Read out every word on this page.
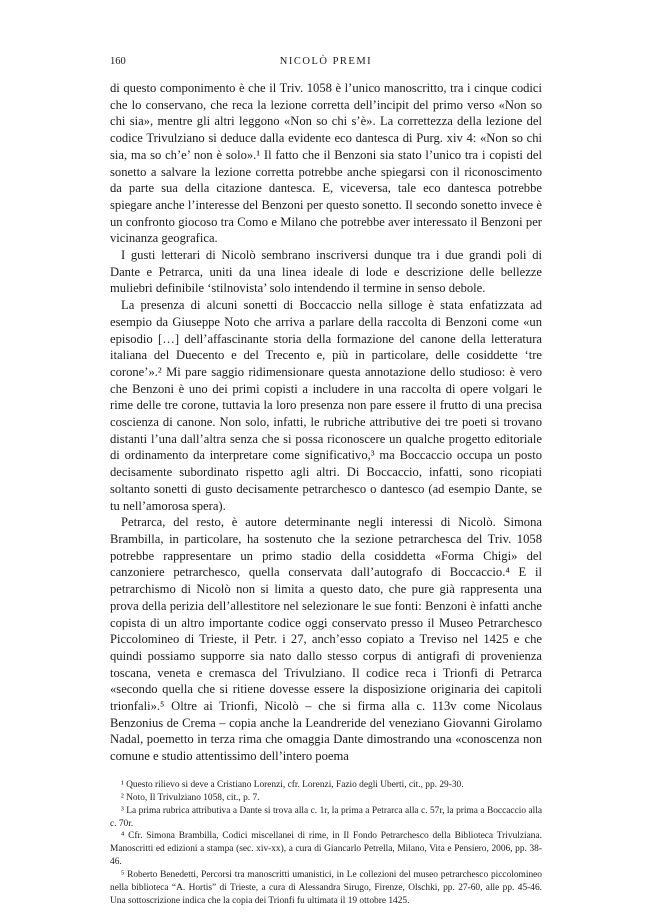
160	NICOLÒ PREMI

di questo componimento è che il Triv. 1058 è l’unico manoscritto, tra i cinque codici che lo conservano, che reca la lezione corretta dell’incipit del primo verso «Non so chi sia», mentre gli altri leggono «Non so chi s’è». La correttezza della lezione del codice Trivulziano si deduce dalla evidente eco dantesca di Purg. xiv 4: «Non so chi sia, ma so ch’e’ non è solo».¹ Il fatto che il Benzoni sia stato l’unico tra i copisti del sonetto a salvare la lezione corretta potrebbe anche spiegarsi con il riconoscimento da parte sua della citazione dantesca. E, viceversa, tale eco dantesca potrebbe spiegare anche l’interesse del Benzoni per questo sonetto. Il secondo sonetto invece è un confronto giocoso tra Como e Milano che potrebbe aver interessato il Benzoni per vicinanza geografica.

I gusti letterari di Nicolò sembrano inscriversi dunque tra i due grandi poli di Dante e Petrarca, uniti da una linea ideale di lode e descrizione delle bellezze muliebri definibile ‘stilnovista’ solo intendendo il termine in senso debole.

La presenza di alcuni sonetti di Boccaccio nella silloge è stata enfatizzata ad esempio da Giuseppe Noto che arriva a parlare della raccolta di Benzoni come «un episodio […] dell’affascinante storia della formazione del canone della letteratura italiana del Duecento e del Trecento e, più in particolare, delle cosiddette ‘tre corone’».² Mi pare saggio ridimensionare questa annotazione dello studioso: è vero che Benzoni è uno dei primi copisti a includere in una raccolta di opere volgari le rime delle tre corone, tuttavia la loro presenza non pare essere il frutto di una precisa coscienza di canone. Non solo, infatti, le rubriche attributive dei tre poeti si trovano distanti l’una dall’altra senza che si possa riconoscere un qualche progetto editoriale di ordinamento da interpretare come significativo,³ ma Boccaccio occupa un posto decisamente subordinato rispetto agli altri. Di Boccaccio, infatti, sono ricopiati soltanto sonetti di gusto decisamente petrarchesco o dantesco (ad esempio Dante, se tu nell’amorosa spera).

Petrarca, del resto, è autore determinante negli interessi di Nicolò. Simona Brambilla, in particolare, ha sostenuto che la sezione petrarchesca del Triv. 1058 potrebbe rappresentare un primo stadio della cosiddetta «Forma Chigi» del canzoniere petrarchesco, quella conservata dall’autografo di Boccaccio.⁴ E il petrarchismo di Nicolò non si limita a questo dato, che pure già rappresenta una prova della perizia dell’allestitore nel selezionare le sue fonti: Benzoni è infatti anche copista di un altro importante codice oggi conservato presso il Museo Petrarchesco Piccolomineo di Trieste, il Petr. i 27, anch’esso copiato a Treviso nel 1425 e che quindi possiamo supporre sia nato dallo stesso corpus di antigrafi di provenienza toscana, veneta e cremasca del Trivulziano. Il codice reca i Trionfi di Petrarca «secondo quella che si ritiene dovesse essere la disposizione originaria dei capitoli trionfali».⁵ Oltre ai Trionfi, Nicolò – che si firma alla c. 113v come Nicolaus Benzonius de Crema – copia anche la Leandreride del veneziano Giovanni Girolamo Nadal, poemetto in terza rima che omaggia Dante dimostrando una «conoscenza non comune e studio attentissimo dell’intero poema

¹ Questo rilievo si deve a Cristiano Lorenzi, cfr. Lorenzi, Fazio degli Uberti, cit., pp. 29-30.

² Noto, Il Trivulziano 1058, cit., p. 7.

³ La prima rubrica attributiva a Dante si trova alla c. 1r, la prima a Petrarca alla c. 57r, la prima a Boccaccio alla c. 70r.

⁴ Cfr. Simona Brambilla, Codici miscellanei di rime, in Il Fondo Petrarchesco della Biblioteca Trivulziana. Manoscritti ed edizioni a stampa (sec. xiv-xx), a cura di Giancarlo Petrella, Milano, Vita e Pensiero, 2006, pp. 38-46.

⁵ Roberto Benedetti, Percorsi tra manoscritti umanistici, in Le collezioni del museo petrarchesco piccolomineo nella biblioteca “A. Hortis” di Trieste, a cura di Alessandra Sirugo, Firenze, Olschki, pp. 27-60, alle pp. 45-46. Una sottoscrizione indica che la copia dei Trionfi fu ultimata il 19 ottobre 1425.
